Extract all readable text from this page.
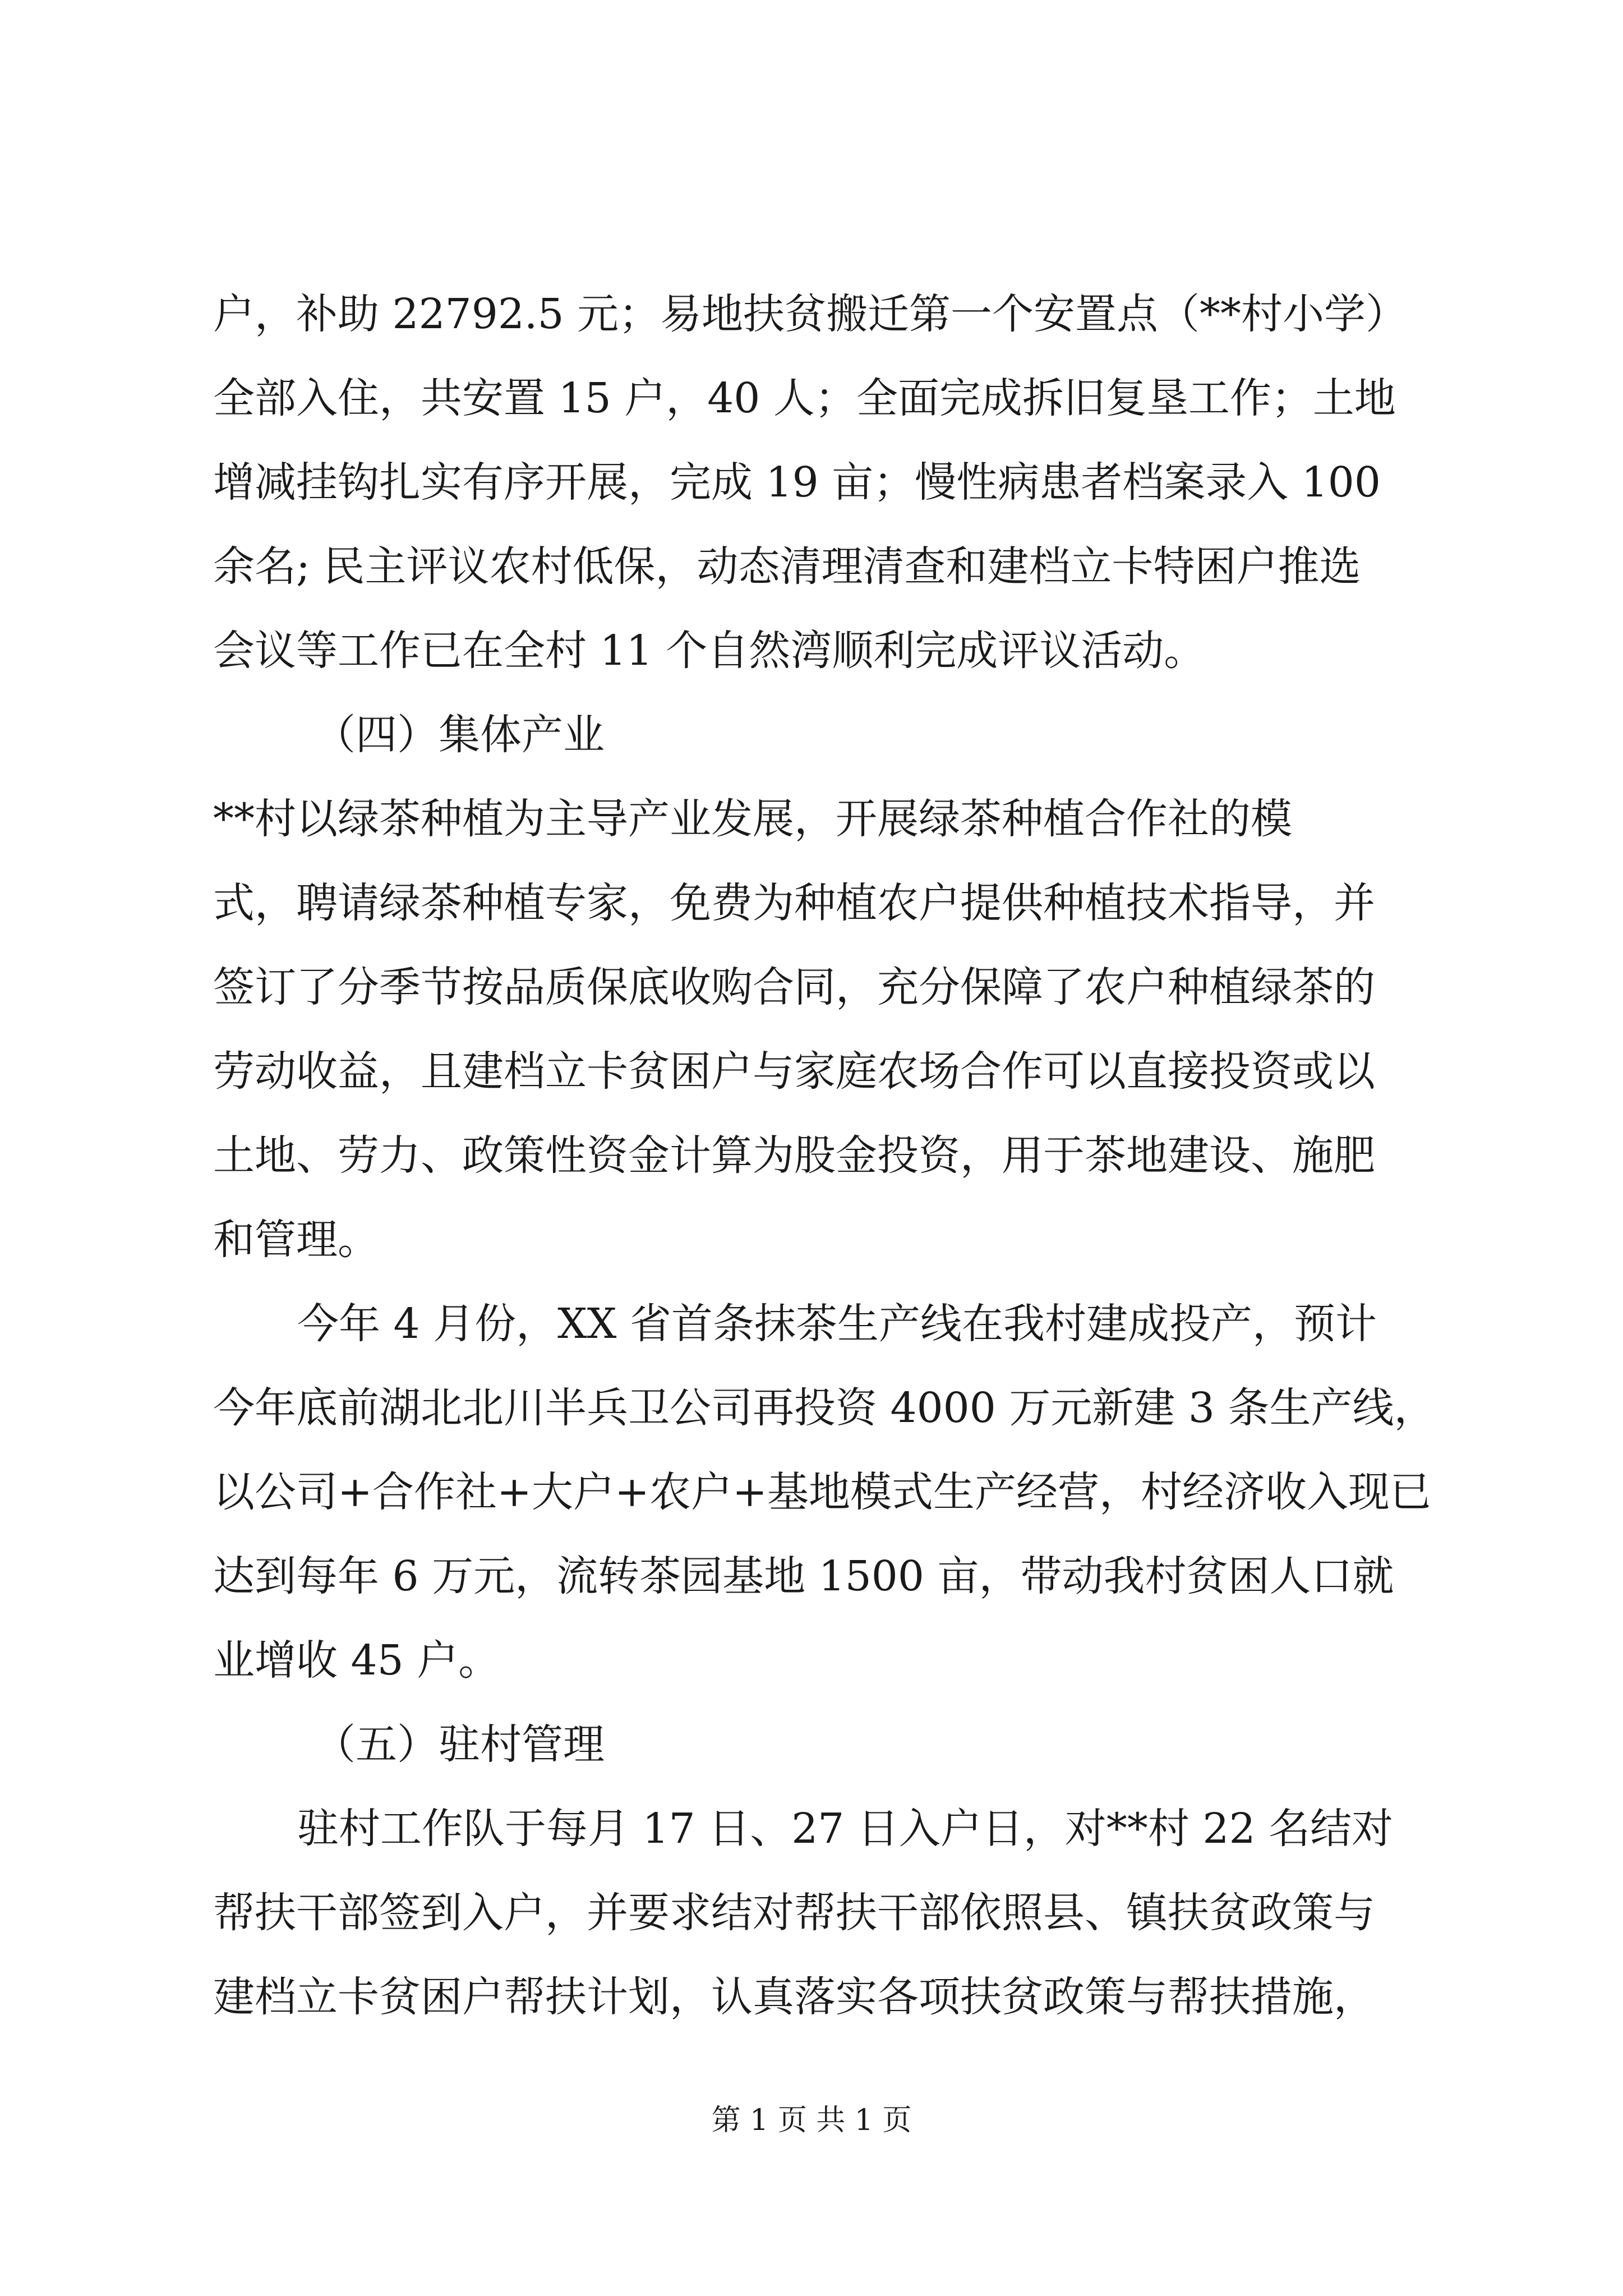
户，补助 22792.5 元；易地扶贫搬迁第一个安置点（**村小学）
全部入住，共安置 15 户，40 人；全面完成拆旧复垦工作；土地
增减挂钩扎实有序开展，完成 19 亩；慢性病患者档案录入 100
余名; 民主评议农村低保，动态清理清查和建档立卡特困户推选
会议等工作已在全村 11 个自然湾顺利完成评议活动。
（四）集体产业
**村以绿茶种植为主导产业发展，开展绿茶种植合作社的模
式，聘请绿茶种植专家，免费为种植农户提供种植技术指导，并
签订了分季节按品质保底收购合同，充分保障了农户种植绿茶的
劳动收益，且建档立卡贫困户与家庭农场合作可以直接投资或以
土地、劳力、政策性资金计算为股金投资，用于茶地建设、施肥
和管理。
今年 4 月份，XX 省首条抹茶生产线在我村建成投产，预计
今年底前湖北北川半兵卫公司再投资 4000 万元新建 3 条生产线，
以公司+合作社+大户+农户+基地模式生产经营，村经济收入现已
达到每年 6 万元，流转茶园基地 1500 亩，带动我村贫困人口就
业增收 45 户。
（五）驻村管理
驻村工作队于每月 17 日、27 日入户日，对**村 22 名结对
帮扶干部签到入户，并要求结对帮扶干部依照县、镇扶贫政策与
建档立卡贫困户帮扶计划，认真落实各项扶贫政策与帮扶措施，
第 1 页 共 1 页
